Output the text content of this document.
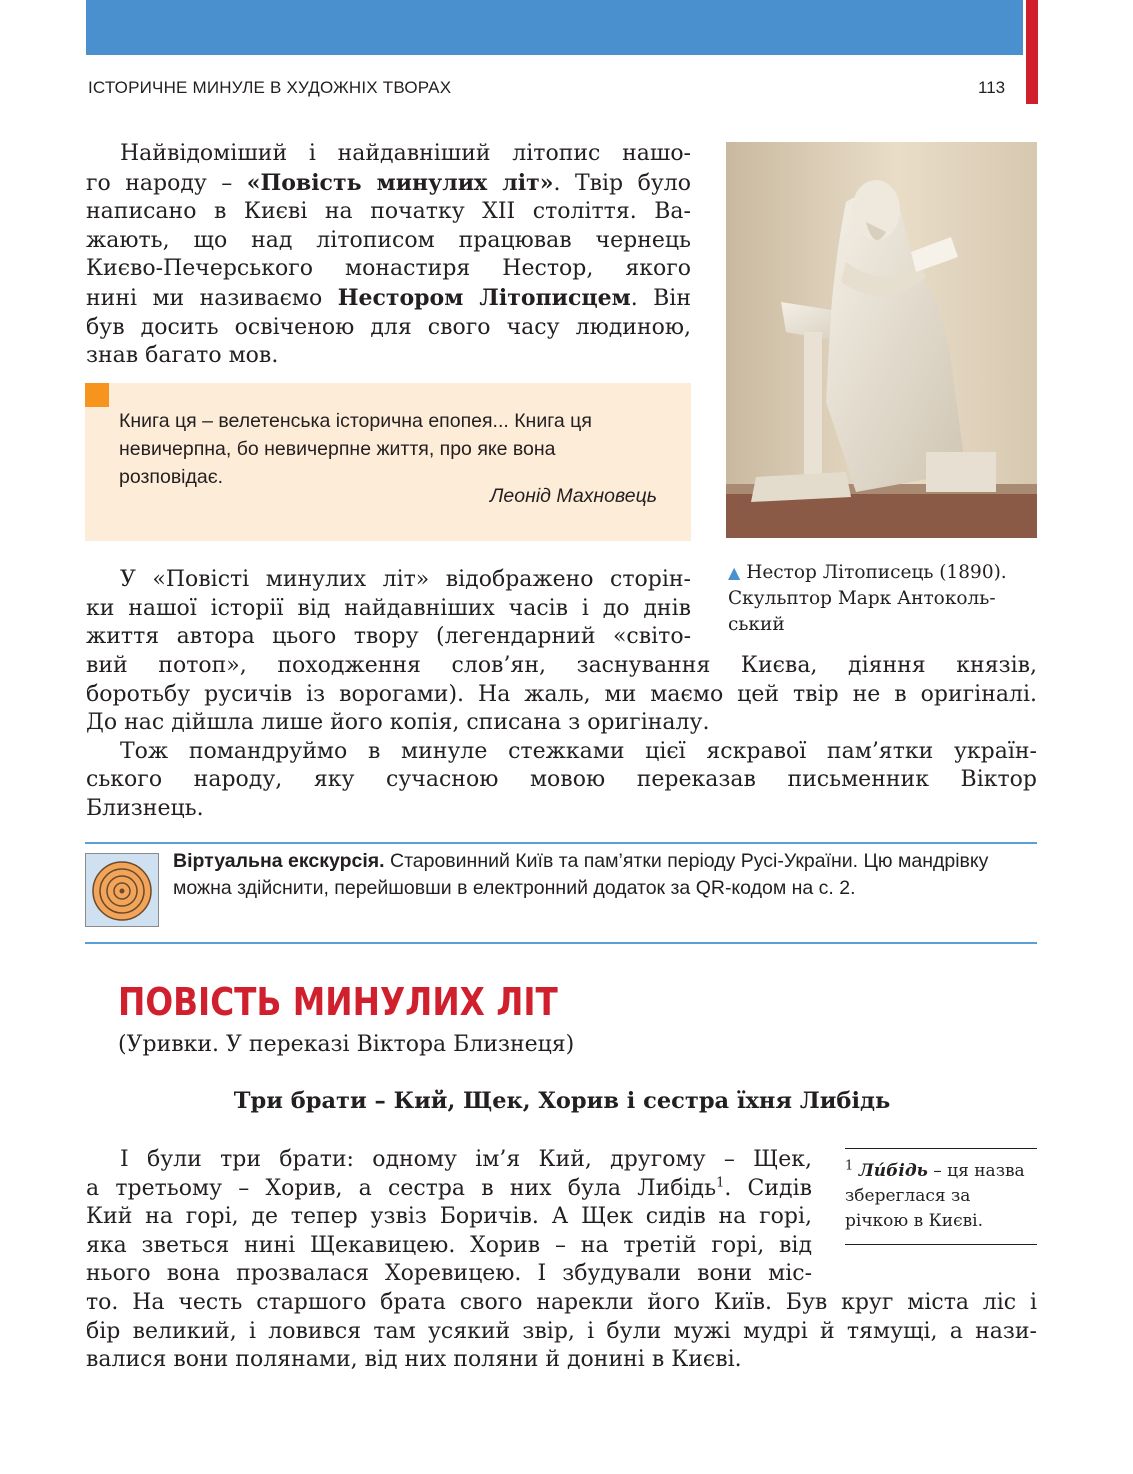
ІСТОРИЧНЕ МИНУЛЕ В ХУДОЖНІХ ТВОРАХ	113
Найвідоміший і найдавніший літопис нашо-
го народу – «Повість минулих літ». Твір було
написано в Києві на початку XII століття. Ва-
жають, що над літописом працював чернець
Києво-Печерського монастиря Нестор, якого
нині ми називаємо Нестором Літописцем. Він
був досить освіченою для свого часу людиною,
знав багато мов.
Книга ця – велетенська історична епопея... Книга ця невичерпна, бо невичерпне життя, про яке вона розповідає.
Леонід Махновець
▲ Нестор Літописець (1890).
Скульптор Марк Антоколь-
ський
У «Повісті минулих літ» відображено сторін-
ки нашої історії від найдавніших часів і до днів
життя автора цього твору (легендарний «світо-
вий потоп», походження слов’ян, заснування Києва, діяння князів,
боротьбу русичів із ворогами). На жаль, ми маємо цей твір не в оригіналі.
До нас дійшла лише його копія, списана з оригіналу.
Тож помандруймо в минуле стежками цієї яскравої пам’ятки україн-
ського народу, яку сучасною мовою переказав письменник Віктор
Близнець.
Віртуальна екскурсія. Старовинний Київ та пам’ятки періоду Русі-України. Цю мандрівку можна здійснити, перейшовши в електронний додаток за QR-кодом на с. 2.
ПОВІСТЬ МИНУЛИХ ЛІТ
(Уривки. У переказі Віктора Близнеця)
Три брати – Кий, Щек, Хорив і сестра їхня Либідь
І були три брати: одному ім’я Кий, другому – Щек,
а третьому – Хорив, а сестра в них була Либідь$^1$. Сидів
Кий на горі, де тепер узвіз Боричів. А Щек сидів на горі,
яка зветься нині Щекавицею. Хорив – на третій горі, від
нього вона прозвалася Хоревицею. І збудували вони міс-
то. На честь старшого брата свого нарекли його Київ. Був круг міста ліс і
бір великий, і ловився там усякий звір, і були мужі мудрі й тямущі, а нази-
валися вони полянами, від них поляни й донині в Києві.
$^1$ Ли́бідь – ця назва збереглася за річкою в Києві.
